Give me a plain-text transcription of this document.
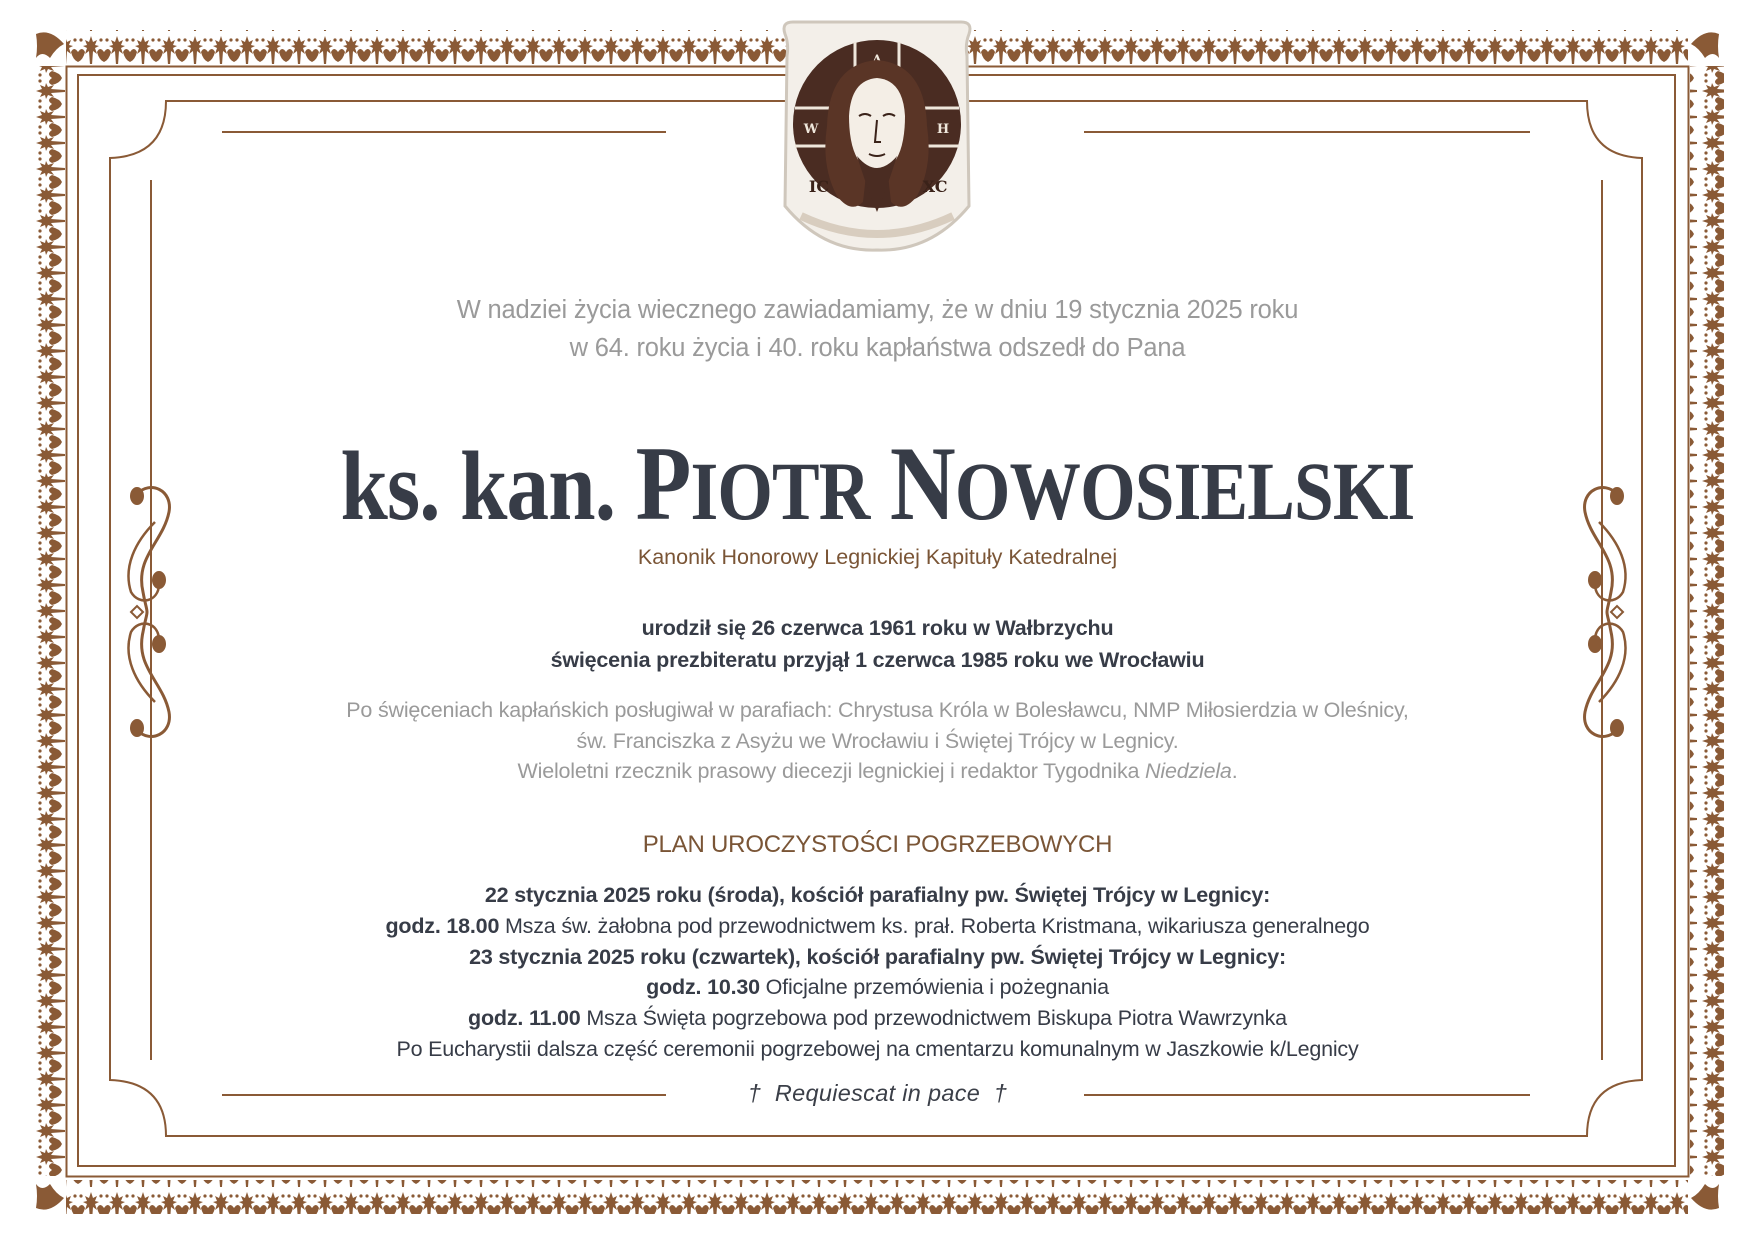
W	H
IC	XC
W nadziei życia wiecznego zawiadamiamy, że w dniu 19 stycznia 2025 roku
w 64. roku życia i 40. roku kapłaństwa odszedł do Pana
ks. kan. PIOTR NOWOSIELSKI
Kanonik Honorowy Legnickiej Kapituły Katedralnej
urodził się 26 czerwca 1961 roku w Wałbrzychu
święcenia prezbiteratu przyjął 1 czerwca 1985 roku we Wrocławiu
Po święceniach kapłańskich posługiwał w parafiach: Chrystusa Króla w Bolesławcu, NMP Miłosierdzia w Oleśnicy,
św. Franciszka z Asyżu we Wrocławiu i Świętej Trójcy w Legnicy.
Wieloletni rzecznik prasowy diecezji legnickiej i redaktor Tygodnika Niedziela.
PLAN UROCZYSTOŚCI POGRZEBOWYCH
22 stycznia 2025 roku (środa), kościół parafialny pw. Świętej Trójcy w Legnicy:
godz. 18.00 Msza św. żałobna pod przewodnictwem ks. prał. Roberta Kristmana, wikariusza generalnego
23 stycznia 2025 roku (czwartek), kościół parafialny pw. Świętej Trójcy w Legnicy:
godz. 10.30 Oficjalne przemówienia i pożegnania
godz. 11.00 Msza Święta pogrzebowa pod przewodnictwem Biskupa Piotra Wawrzynka
Po Eucharystii dalsza część ceremonii pogrzebowej na cmentarzu komunalnym w Jaszkowie k/Legnicy
† Requiescat in pace †
